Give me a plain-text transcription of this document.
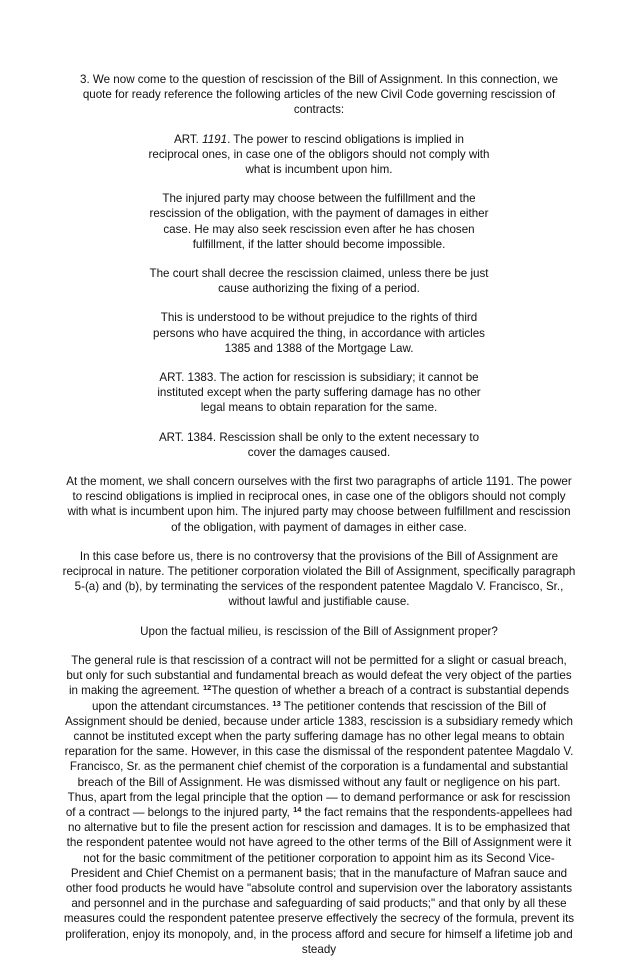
3. We now come to the question of rescission of the Bill of Assignment. In this connection, we quote for ready reference the following articles of the new Civil Code governing rescission of contracts:

ART. 1191. The power to rescind obligations is implied in reciprocal ones, in case one of the obligors should not comply with what is incumbent upon him.

The injured party may choose between the fulfillment and the rescission of the obligation, with the payment of damages in either case. He may also seek rescission even after he has chosen fulfillment, if the latter should become impossible.

The court shall decree the rescission claimed, unless there be just cause authorizing the fixing of a period.

This is understood to be without prejudice to the rights of third persons who have acquired the thing, in accordance with articles 1385 and 1388 of the Mortgage Law.

ART. 1383. The action for rescission is subsidiary; it cannot be instituted except when the party suffering damage has no other legal means to obtain reparation for the same.

ART. 1384. Rescission shall be only to the extent necessary to cover the damages caused.

At the moment, we shall concern ourselves with the first two paragraphs of article 1191. The power to rescind obligations is implied in reciprocal ones, in case one of the obligors should not comply with what is incumbent upon him. The injured party may choose between fulfillment and rescission of the obligation, with payment of damages in either case.

In this case before us, there is no controversy that the provisions of the Bill of Assignment are reciprocal in nature. The petitioner corporation violated the Bill of Assignment, specifically paragraph 5-(a) and (b), by terminating the services of the respondent patentee Magdalo V. Francisco, Sr., without lawful and justifiable cause.

Upon the factual milieu, is rescission of the Bill of Assignment proper?

The general rule is that rescission of a contract will not be permitted for a slight or casual breach, but only for such substantial and fundamental breach as would defeat the very object of the parties in making the agreement. $^{12}$The question of whether a breach of a contract is substantial depends upon the attendant circumstances. $^{13}$ The petitioner contends that rescission of the Bill of Assignment should be denied, because under article 1383, rescission is a subsidiary remedy which cannot be instituted except when the party suffering damage has no other legal means to obtain reparation for the same. However, in this case the dismissal of the respondent patentee Magdalo V. Francisco, Sr. as the permanent chief chemist of the corporation is a fundamental and substantial breach of the Bill of Assignment. He was dismissed without any fault or negligence on his part. Thus, apart from the legal principle that the option — to demand performance or ask for rescission of a contract — belongs to the injured party, $^{14}$ the fact remains that the respondents-appellees had no alternative but to file the present action for rescission and damages. It is to be emphasized that the respondent patentee would not have agreed to the other terms of the Bill of Assignment were it not for the basic commitment of the petitioner corporation to appoint him as its Second Vice-President and Chief Chemist on a permanent basis; that in the manufacture of Mafran sauce and other food products he would have "absolute control and supervision over the laboratory assistants and personnel and in the purchase and safeguarding of said products;" and that only by all these measures could the respondent patentee preserve effectively the secrecy of the formula, prevent its proliferation, enjoy its monopoly, and, in the process afford and secure for himself a lifetime job and steady
